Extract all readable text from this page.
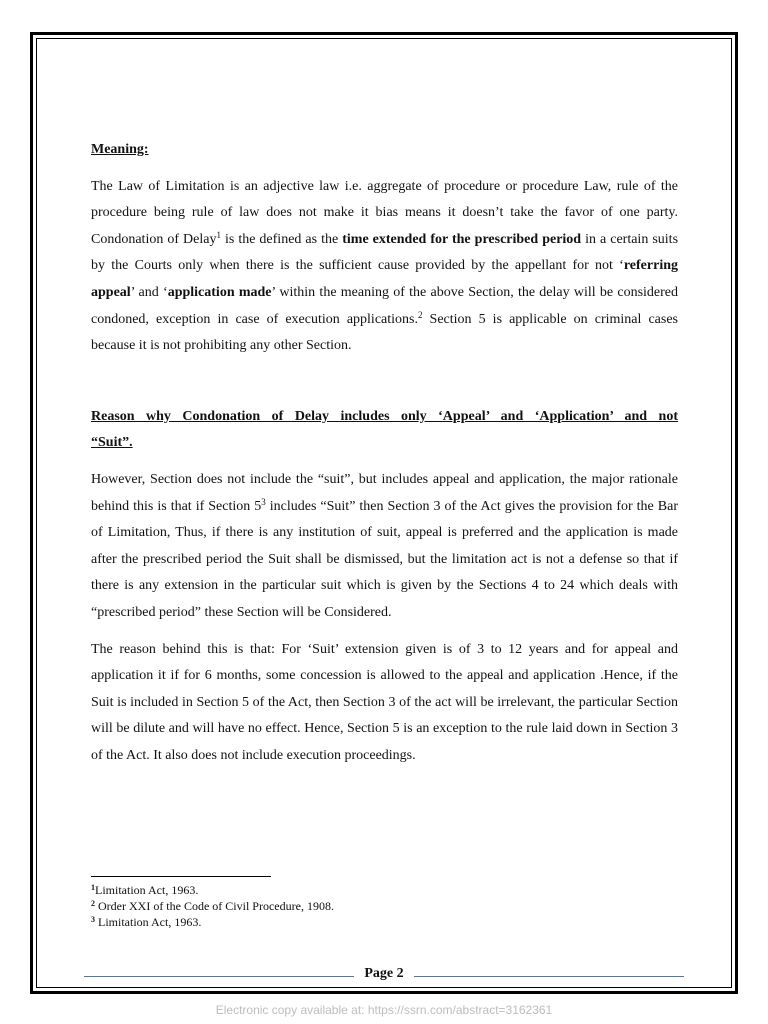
Meaning:

The Law of Limitation is an adjective law i.e. aggregate of procedure or procedure Law, rule of the procedure being rule of law does not make it bias means it doesn’t take the favor of one party. Condonation of Delay$^1$ is the defined as the time extended for the prescribed period in a certain suits by the Courts only when there is the sufficient cause provided by the appellant for not ‘referring appeal’ and ‘application made’ within the meaning of the above Section, the delay will be considered condoned, exception in case of execution applications.$^2$ Section 5 is applicable on criminal cases because it is not prohibiting any other Section.

Reason why Condonation of Delay includes only ‘Appeal’ and ‘Application’ and not
“Suit”.

However, Section does not include the “suit”, but includes appeal and application, the major rationale behind this is that if Section $5^3$ includes “Suit” then Section 3 of the Act gives the provision for the Bar of Limitation, Thus, if there is any institution of suit, appeal is preferred and the application is made after the prescribed period the Suit shall be dismissed, but the limitation act is not a defense so that if there is any extension in the particular suit which is given by the Sections 4 to 24 which deals with “prescribed period” these Section will be Considered.

The reason behind this is that: For ‘Suit’ extension given is of 3 to 12 years and for appeal and application it if for 6 months, some concession is allowed to the appeal and application .Hence, if the Suit is included in Section 5 of the Act, then Section 3 of the act will be irrelevant, the particular Section will be dilute and will have no effect. Hence, Section 5 is an exception to the rule laid down in Section 3 of the Act. It also does not include execution proceedings.

$^1$Limitation Act, 1963.
$^2$ Order XXI of the Code of Civil Procedure, 1908.
$^3$ Limitation Act, 1963.
Page 2
Electronic copy available at: https://ssrn.com/abstract=3162361
